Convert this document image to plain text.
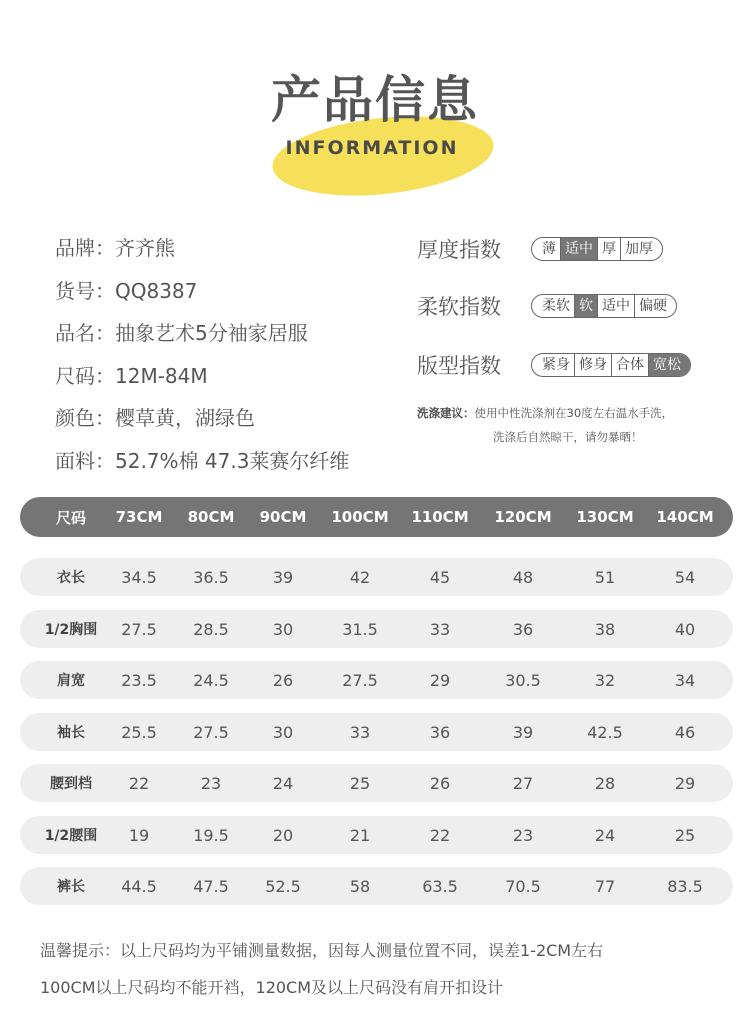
产品信息
INFORMATION
品牌：齐齐熊
货号：QQ8387
品名：抽象艺术5分袖家居服
尺码：12M-84M
颜色：樱草黄，湖绿色
面料：52.7%棉 47.3莱赛尔纤维
厚度指数	薄 适中 厚 加厚
柔软指数	柔软 软 适中 偏硬
版型指数	紧身 修身 合体 宽松
洗涤建议：使用中性洗涤剂在30度左右温水手洗，
洗涤后自然晾干，请勿暴晒！
尺码	73CM	80CM	90CM	100CM	110CM	120CM	130CM	140CM
衣长	34.5	36.5	39	42	45	48	51	54
1/2胸围	27.5	28.5	30	31.5	33	36	38	40
肩宽	23.5	24.5	26	27.5	29	30.5	32	34
袖长	25.5	27.5	30	33	36	39	42.5	46
腰到档	22	23	24	25	26	27	28	29
1/2腰围	19	19.5	20	21	22	23	24	25
裤长	44.5	47.5	52.5	58	63.5	70.5	77	83.5
温馨提示：以上尺码均为平铺测量数据，因每人测量位置不同，误差1-2CM左右
100CM以上尺码均不能开裆，120CM及以上尺码没有肩开扣设计
